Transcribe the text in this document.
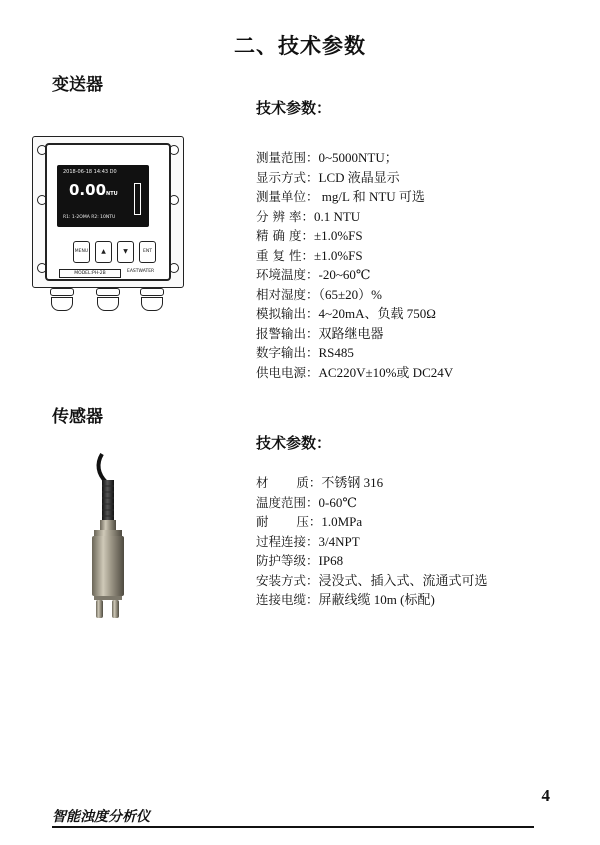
二、技术参数
变送器
技术参数：
2018-06-18 14:43 D0
0.00NTU
R1: 1-2OMA R2: 10NTU
MENU	▲	▼	ENT
MODEL:PH-2B	EASTWATER
测量范围：0~5000NTU；
显示方式：LCD 液晶显示
测量单位： mg/L 和 NTU 可选
分 辨 率：0.1 NTU
精 确 度：±1.0%FS
重 复 性：±1.0%FS
环境温度：-20~60℃
相对湿度：（65±20）%
模拟输出：4~20mA、负载 750Ω
报警输出：双路继电器
数字输出：RS485
供电电源：AC220V±10%或 DC24V
传感器
技术参数：
材       质：不锈钢 316
温度范围：0-60℃
耐       压：1.0MPa
过程连接：3/4NPT
防护等级：IP68
安装方式：浸没式、插入式、流通式可选
连接电缆：屏蔽线缆 10m (标配)
4
智能浊度分析仪
